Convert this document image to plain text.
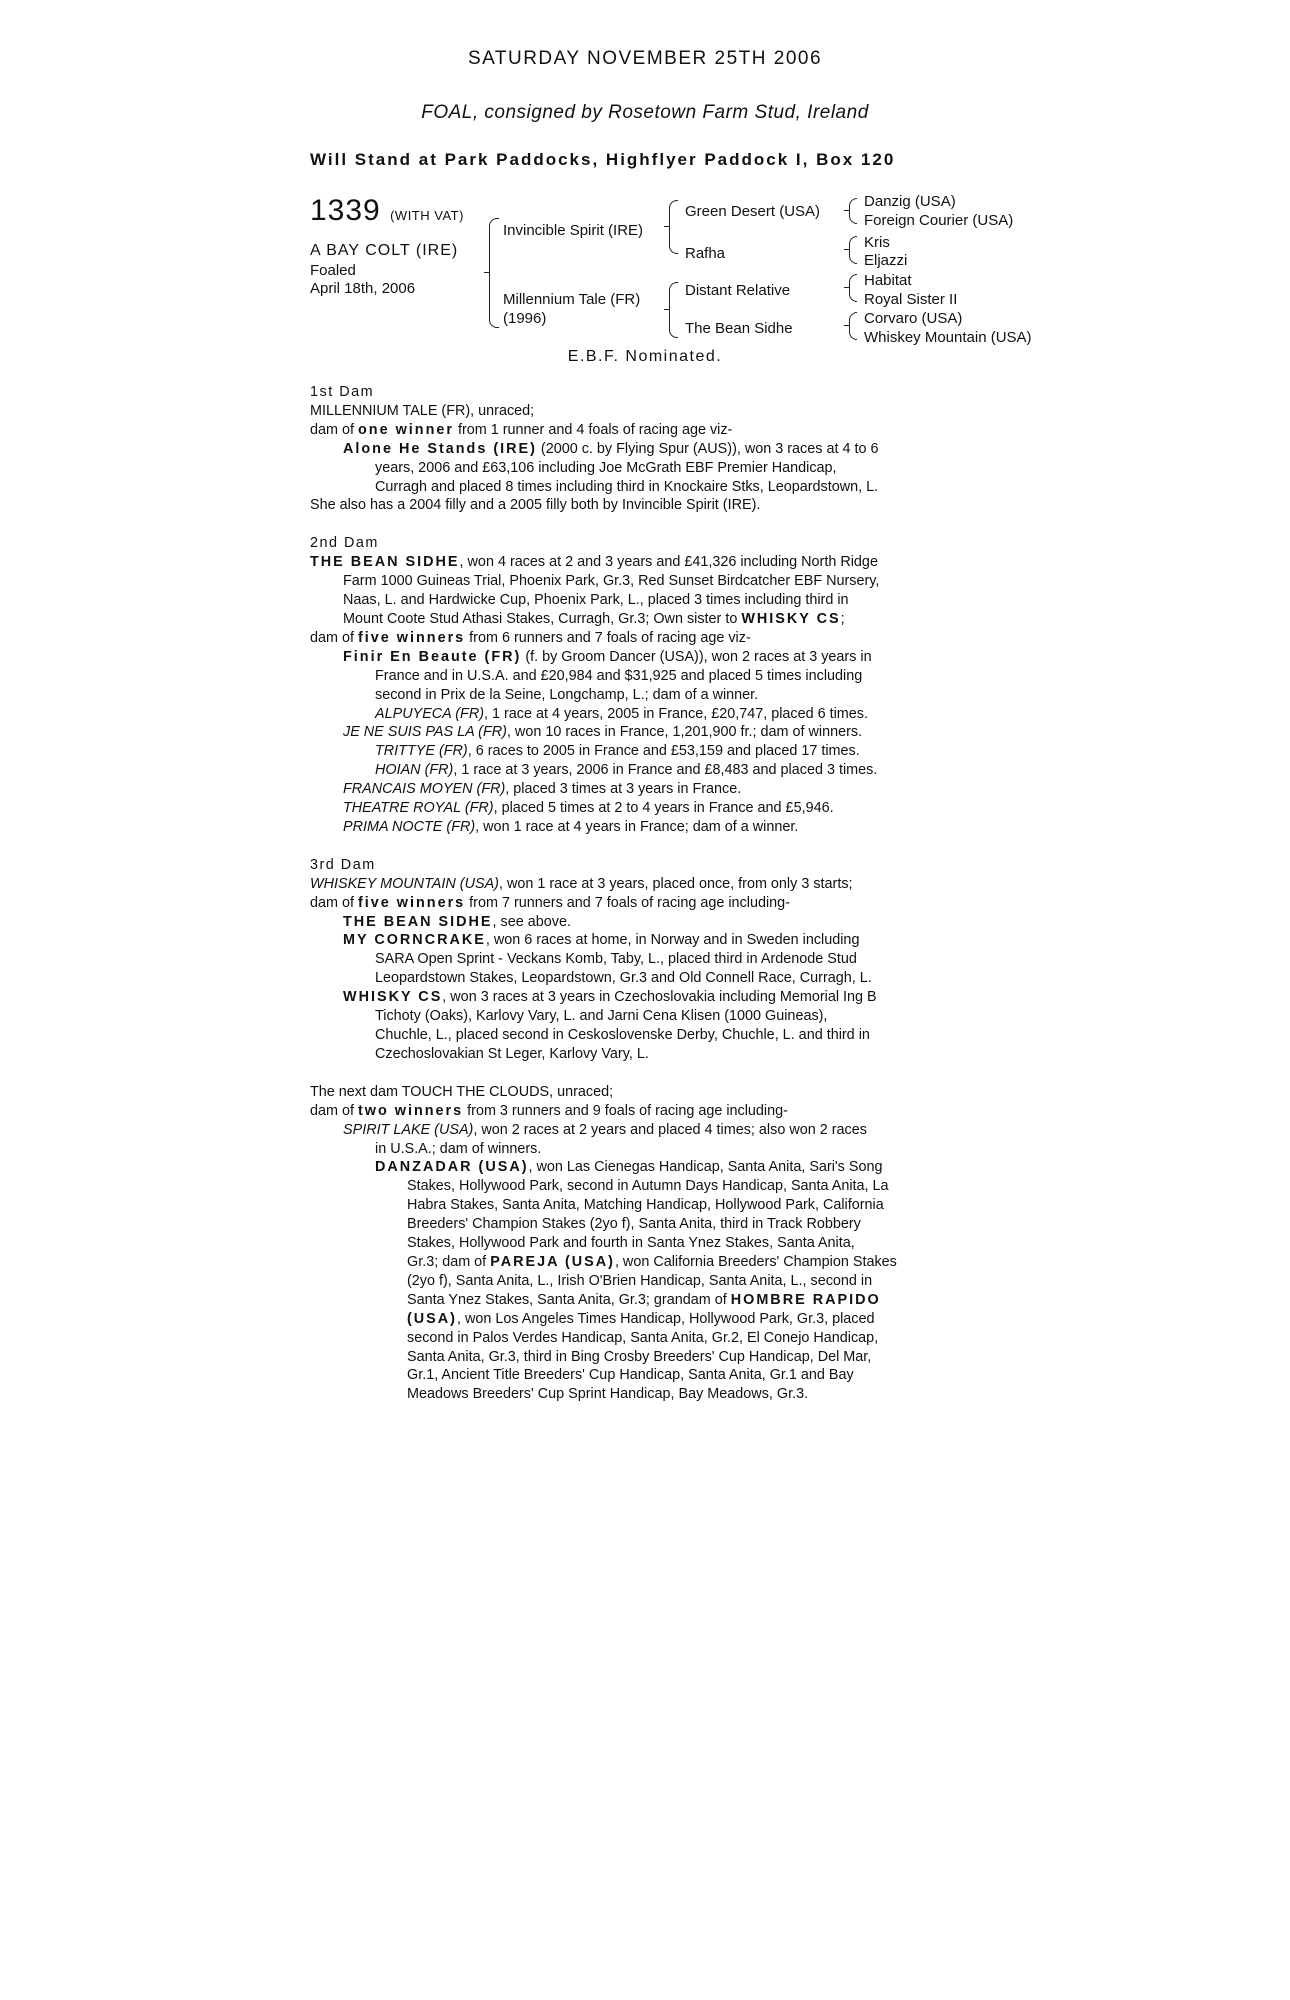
SATURDAY NOVEMBER 25TH 2006
FOAL, consigned by Rosetown Farm Stud, Ireland
Will Stand at Park Paddocks, Highflyer Paddock I, Box 120
1339 (WITH VAT)
A BAY COLT (IRE)
Foaled
April 18th, 2006
Invincible Spirit (IRE)
Millennium Tale (FR)
(1996)
Green Desert (USA)
Rafha
Distant Relative
The Bean Sidhe
Danzig (USA)
Foreign Courier (USA)
Kris
Eljazzi
Habitat
Royal Sister II
Corvaro (USA)
Whiskey Mountain (USA)
E.B.F. Nominated.
1st Dam
MILLENNIUM TALE (FR), unraced;
dam of one winner from 1 runner and 4 foals of racing age viz-
Alone He Stands (IRE) (2000 c. by Flying Spur (AUS)), won 3 races at 4 to 6
years, 2006 and £63,106 including Joe McGrath EBF Premier Handicap,
Curragh and placed 8 times including third in Knockaire Stks, Leopardstown, L.
She also has a 2004 filly and a 2005 filly both by Invincible Spirit (IRE).
2nd Dam
THE BEAN SIDHE, won 4 races at 2 and 3 years and £41,326 including North Ridge
Farm 1000 Guineas Trial, Phoenix Park, Gr.3, Red Sunset Birdcatcher EBF Nursery,
Naas, L. and Hardwicke Cup, Phoenix Park, L., placed 3 times including third in
Mount Coote Stud Athasi Stakes, Curragh, Gr.3; Own sister to WHISKY CS;
dam of five winners from 6 runners and 7 foals of racing age viz-
Finir En Beaute (FR) (f. by Groom Dancer (USA)), won 2 races at 3 years in
France and in U.S.A. and £20,984 and $31,925 and placed 5 times including
second in Prix de la Seine, Longchamp, L.; dam of a winner.
ALPUYECA (FR), 1 race at 4 years, 2005 in France, £20,747, placed 6 times.
JE NE SUIS PAS LA (FR), won 10 races in France, 1,201,900 fr.; dam of winners.
TRITTYE (FR), 6 races to 2005 in France and £53,159 and placed 17 times.
HOIAN (FR), 1 race at 3 years, 2006 in France and £8,483 and placed 3 times.
FRANCAIS MOYEN (FR), placed 3 times at 3 years in France.
THEATRE ROYAL (FR), placed 5 times at 2 to 4 years in France and £5,946.
PRIMA NOCTE (FR), won 1 race at 4 years in France; dam of a winner.
3rd Dam
WHISKEY MOUNTAIN (USA), won 1 race at 3 years, placed once, from only 3 starts;
dam of five winners from 7 runners and 7 foals of racing age including-
THE BEAN SIDHE, see above.
MY CORNCRAKE, won 6 races at home, in Norway and in Sweden including
SARA Open Sprint - Veckans Komb, Taby, L., placed third in Ardenode Stud
Leopardstown Stakes, Leopardstown, Gr.3 and Old Connell Race, Curragh, L.
WHISKY CS, won 3 races at 3 years in Czechoslovakia including Memorial Ing B
Tichoty (Oaks), Karlovy Vary, L. and Jarni Cena Klisen (1000 Guineas),
Chuchle, L., placed second in Ceskoslovenske Derby, Chuchle, L. and third in
Czechoslovakian St Leger, Karlovy Vary, L.
The next dam TOUCH THE CLOUDS, unraced;
dam of two winners from 3 runners and 9 foals of racing age including-
SPIRIT LAKE (USA), won 2 races at 2 years and placed 4 times; also won 2 races
in U.S.A.; dam of winners.
DANZADAR (USA), won Las Cienegas Handicap, Santa Anita, Sari's Song
Stakes, Hollywood Park, second in Autumn Days Handicap, Santa Anita, La
Habra Stakes, Santa Anita, Matching Handicap, Hollywood Park, California
Breeders' Champion Stakes (2yo f), Santa Anita, third in Track Robbery
Stakes, Hollywood Park and fourth in Santa Ynez Stakes, Santa Anita,
Gr.3; dam of PAREJA (USA), won California Breeders' Champion Stakes
(2yo f), Santa Anita, L., Irish O'Brien Handicap, Santa Anita, L., second in
Santa Ynez Stakes, Santa Anita, Gr.3; grandam of HOMBRE RAPIDO
(USA), won Los Angeles Times Handicap, Hollywood Park, Gr.3, placed
second in Palos Verdes Handicap, Santa Anita, Gr.2, El Conejo Handicap,
Santa Anita, Gr.3, third in Bing Crosby Breeders' Cup Handicap, Del Mar,
Gr.1, Ancient Title Breeders' Cup Handicap, Santa Anita, Gr.1 and Bay
Meadows Breeders' Cup Sprint Handicap, Bay Meadows, Gr.3.
